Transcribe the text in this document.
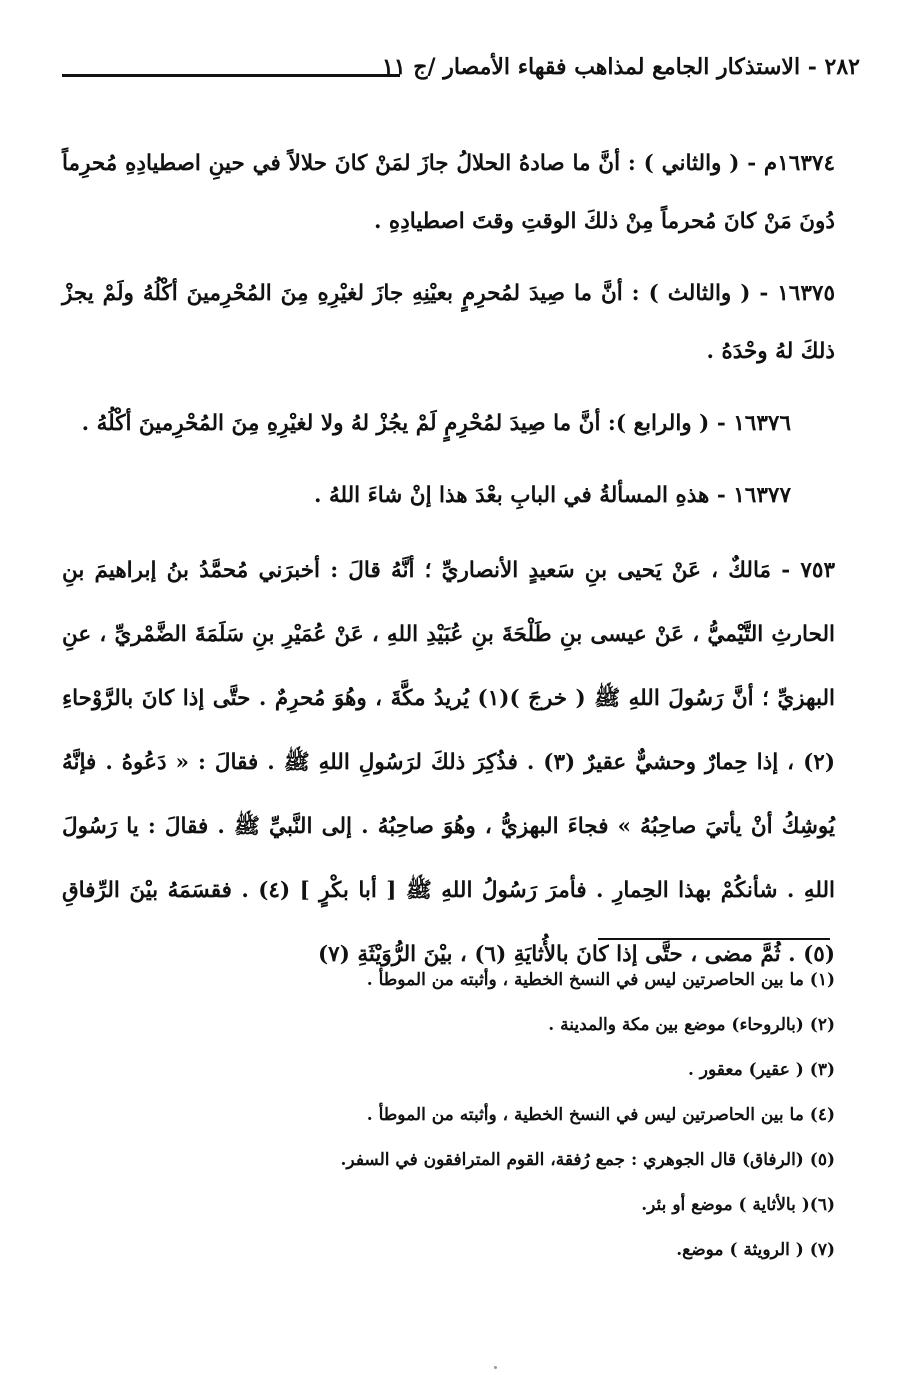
٢٨٢ - الاستذكار الجامع لمذاهب فقهاء الأمصار /ج ١١

١٦٣٧٤م - ( والثاني ) : أنَّ ما صادهُ الحلالُ جازَ لمَنْ كانَ حلالاً في حينِ اصطيادِهِ مُحرِماً دُونَ مَنْ كانَ مُحرماً مِنْ ذلكَ الوقتِ وقتَ اصطيادِهِ .

١٦٣٧٥ - ( والثالث ) : أنَّ ما صِيدَ لمُحرِمٍ بعيْنِهِ جازَ لغيْرِهِ مِنَ المُحْرِمينَ أكْلُهُ ولَمْ يجزْ ذلكَ لهُ وحْدَهُ .

١٦٣٧٦ - ( والرابع ): أنَّ ما صِيدَ لمُحْرِمٍ لَمْ يجُزْ لهُ ولا لغيْرِهِ مِنَ المُحْرِمينَ أكْلُهُ .

١٦٣٧٧ - هذهِ المسألةُ في البابِ بعْدَ هذا إنْ شاءَ اللهُ .

٧٥٣ - مَالكٌ ، عَنْ يَحيى بنِ سَعيدٍ الأنصاريِّ ؛ أنَّهُ قالَ : أخبرَني مُحمَّدُ بنُ إبراهيمَ بنِ الحارثِ التَّيْميُّ ، عَنْ عيسى بنِ طَلْحَةَ بنِ عُبَيْدِ اللهِ ، عَنْ عُمَيْرِ بنِ سَلَمَةَ الضَّمْريِّ ، عنِ البهزيِّ ؛ أنَّ رَسُولَ اللهِ ﷺ ( خرجَ )(١) يُريدُ مكَّةَ ، وهُوَ مُحرِمٌ . حتَّى إذا كانَ بالرَّوْحاءِ (٢) ، إذا حِمارٌ وحشيٌّ عقيرٌ (٣) . فذُكِرَ ذلكَ لرَسُولِ اللهِ ﷺ . فقالَ : « دَعُوهُ . فإنَّهُ يُوشِكُ أنْ يأتيَ صاحِبُهُ » فجاءَ البهزيُّ ، وهُوَ صاحِبُهُ . إلى النَّبيِّ ﷺ . فقالَ : يا رَسُولَ اللهِ . شأنكُمْ بهذا الحِمارِ . فأمرَ رَسُولُ اللهِ ﷺ [ أبا بكْرٍ ] (٤) . فقسَمَهُ بيْنَ الرِّفاقِ (٥) . ثُمَّ مضى ، حتَّى إذا كانَ بالأُثايَةِ (٦) ، بيْنَ الرُّوَيْثَةِ (٧)

(١) ما بين الحاصرتين ليس في النسخ الخطية ، وأثبته من الموطأ .
(٢) (بالروحاء) موضع بين مكة والمدينة .
(٣) ( عقير) معقور .
(٤) ما بين الحاصرتين ليس في النسخ الخطية ، وأثبته من الموطأ .
(٥) (الرفاق) قال الجوهري : جمع رُفقة، القوم المترافقون في السفر.
(٦)( بالأثاية ) موضع أو بئر.
(٧) ( الرويثة ) موضع.
